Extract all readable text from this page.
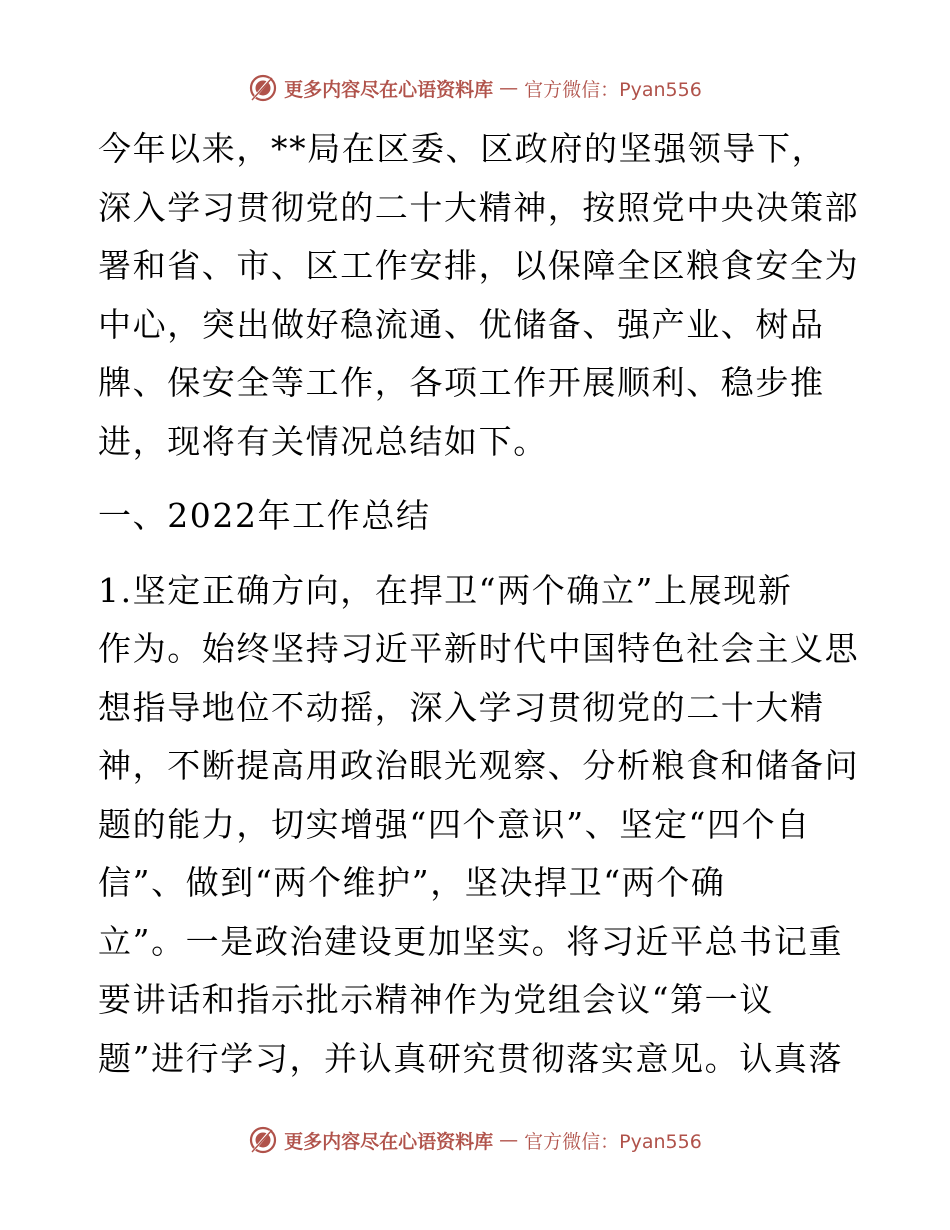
更多内容尽在心语资料库 — 官方微信：Pyan556
今年以来，**局在区委、区政府的坚强领导下，
深入学习贯彻党的二十大精神，按照党中央决策部
署和省、市、区工作安排，以保障全区粮食安全为
中心，突出做好稳流通、优储备、强产业、树品
牌、保安全等工作，各项工作开展顺利、稳步推
进，现将有关情况总结如下。
一、2022年工作总结
1.坚定正确方向，在捍卫“两个确立”上展现新
作为。始终坚持习近平新时代中国特色社会主义思
想指导地位不动摇，深入学习贯彻党的二十大精
神，不断提高用政治眼光观察、分析粮食和储备问
题的能力，切实增强“四个意识”、坚定“四个自
信”、做到“两个维护”，坚决捍卫“两个确
立”。一是政治建设更加坚实。将习近平总书记重
要讲话和指示批示精神作为党组会议“第一议
题”进行学习，并认真研究贯彻落实意见。认真落
更多内容尽在心语资料库 — 官方微信：Pyan556
